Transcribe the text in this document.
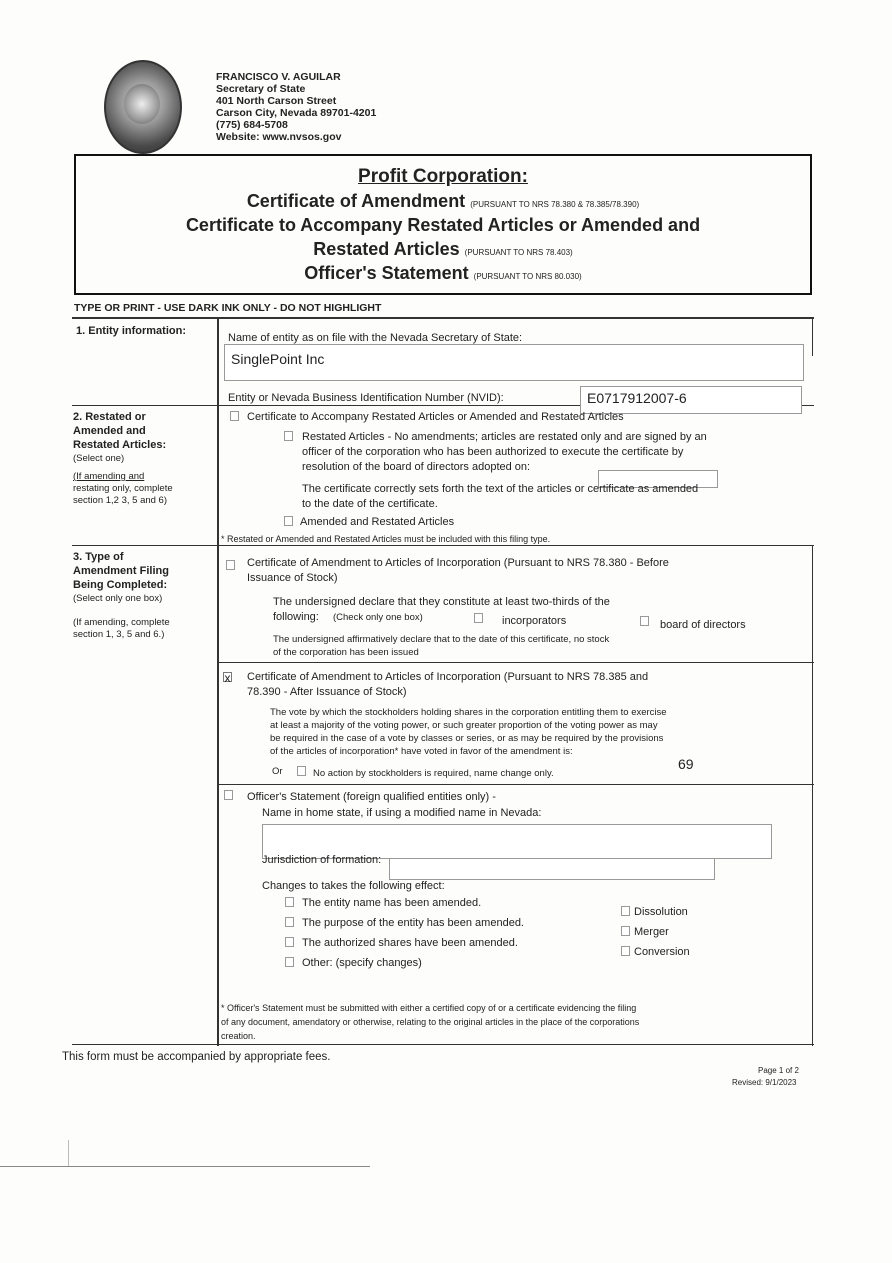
FRANCISCO V. AGUILAR
Secretary of State
401 North Carson Street
Carson City, Nevada 89701-4201
(775) 684-5708
Website: www.nvsos.gov
Profit Corporation:
Certificate of Amendment (PURSUANT TO NRS 78.380 & 78.385/78.390)
Certificate to Accompany Restated Articles or Amended and
Restated Articles (PURSUANT TO NRS 78.403)
Officer's Statement (PURSUANT TO NRS 80.030)
TYPE OR PRINT - USE DARK INK ONLY - DO NOT HIGHLIGHT
1. Entity information:
Name of entity as on file with the Nevada Secretary of State:
SinglePoint Inc
Entity or Nevada Business Identification Number (NVID):	E0717912007-6
2. Restated or
Amended and
Restated Articles:
(Select one)
(If amending and
restating only, complete
section 1,2 3, 5 and 6)
Certificate to Accompany Restated Articles or Amended and Restated Articles
Restated Articles - No amendments; articles are restated only and are signed by an
officer of the corporation who has been authorized to execute the certificate by
resolution of the board of directors adopted on:
The certificate correctly sets forth the text of the articles or certificate as amended
to the date of the certificate.
Amended and Restated Articles
* Restated or Amended and Restated Articles must be included with this filing type.
3. Type of
Amendment Filing
Being Completed:
(Select only one box)
(If amending, complete
section 1, 3, 5 and 6.)
Certificate of Amendment to Articles of Incorporation (Pursuant to NRS 78.380 - Before
Issuance of Stock)
The undersigned declare that they constitute at least two-thirds of the
following: (Check only one box)	incorporators	board of directors
The undersigned affirmatively declare that to the date of this certificate, no stock
of the corporation has been issued
x Certificate of Amendment to Articles of Incorporation (Pursuant to NRS 78.385 and
78.390 - After Issuance of Stock)
The vote by which the stockholders holding shares in the corporation entitling them to exercise
at least a majority of the voting power, or such greater proportion of the voting power as may
be required in the case of a vote by classes or series, or as may be required by the provisions
of the articles of incorporation* have voted in favor of the amendment is:
69
Or	No action by stockholders is required, name change only.
Officer's Statement (foreign qualified entities only) -
Name in home state, if using a modified name in Nevada:
Jurisdiction of formation:
Changes to takes the following effect:
The entity name has been amended.
The purpose of the entity has been amended.
The authorized shares have been amended.
Other: (specify changes)
Dissolution
Merger
Conversion
* Officer's Statement must be submitted with either a certified copy of or a certificate evidencing the filing
of any document, amendatory or otherwise, relating to the original articles in the place of the corporations
creation.
This form must be accompanied by appropriate fees.
Page 1 of 2
Revised: 9/1/2023
